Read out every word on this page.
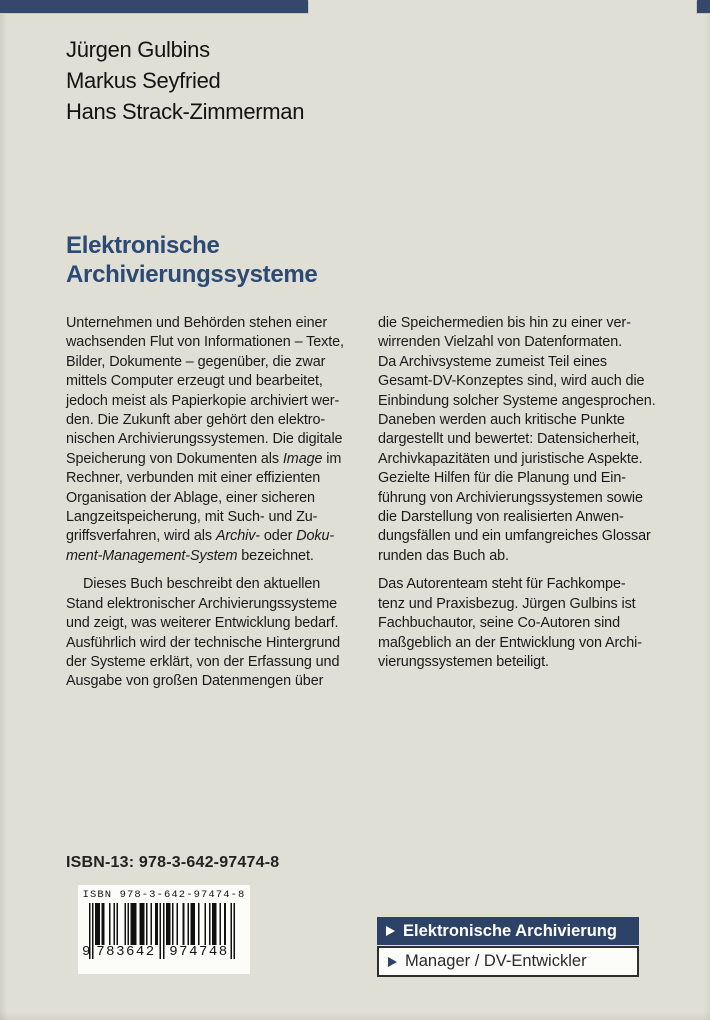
Jürgen Gulbins
Markus Seyfried
Hans Strack-Zimmerman
Elektronische
Archivierungssysteme

Unternehmen und Behörden stehen einer
wachsenden Flut von Informationen – Texte,
Bilder, Dokumente – gegenüber, die zwar
mittels Computer erzeugt und bearbeitet,
jedoch meist als Papierkopie archiviert wer-
den. Die Zukunft aber gehört den elektro-
nischen Archivierungssystemen. Die digitale
Speicherung von Dokumenten als Image im
Rechner, verbunden mit einer effizienten
Organisation der Ablage, einer sicheren
Langzeitspeicherung, mit Such- und Zu-
griffsverfahren, wird als Archiv- oder Doku-
ment-Management-System bezeichnet.

Dieses Buch beschreibt den aktuellen
Stand elektronischer Archivierungssysteme
und zeigt, was weiterer Entwicklung bedarf.
Ausführlich wird der technische Hintergrund
der Systeme erklärt, von der Erfassung und
Ausgabe von großen Datenmengen über

die Speichermedien bis hin zu einer ver-
wirrenden Vielzahl von Datenformaten.
Da Archivsysteme zumeist Teil eines
Gesamt-DV-Konzeptes sind, wird auch die
Einbindung solcher Systeme angesprochen.
Daneben werden auch kritische Punkte
dargestellt und bewertet: Datensicherheit,
Archivkapazitäten und juristische Aspekte.
Gezielte Hilfen für die Planung und Ein-
führung von Archivierungssystemen sowie
die Darstellung von realisierten Anwen-
dungsfällen und ein umfangreiches Glossar
runden das Buch ab.

Das Autorenteam steht für Fachkompe-
tenz und Praxisbezug. Jürgen Gulbins ist
Fachbuchautor, seine Co-Autoren sind
maßgeblich an der Entwicklung von Archi-
vierungssystemen beteiligt.

ISBN-13: 978-3-642-97474-8
ISBN 978-3-642-97474-8
9 783642 974748
Elektronische Archivierung
Manager / DV-Entwickler
